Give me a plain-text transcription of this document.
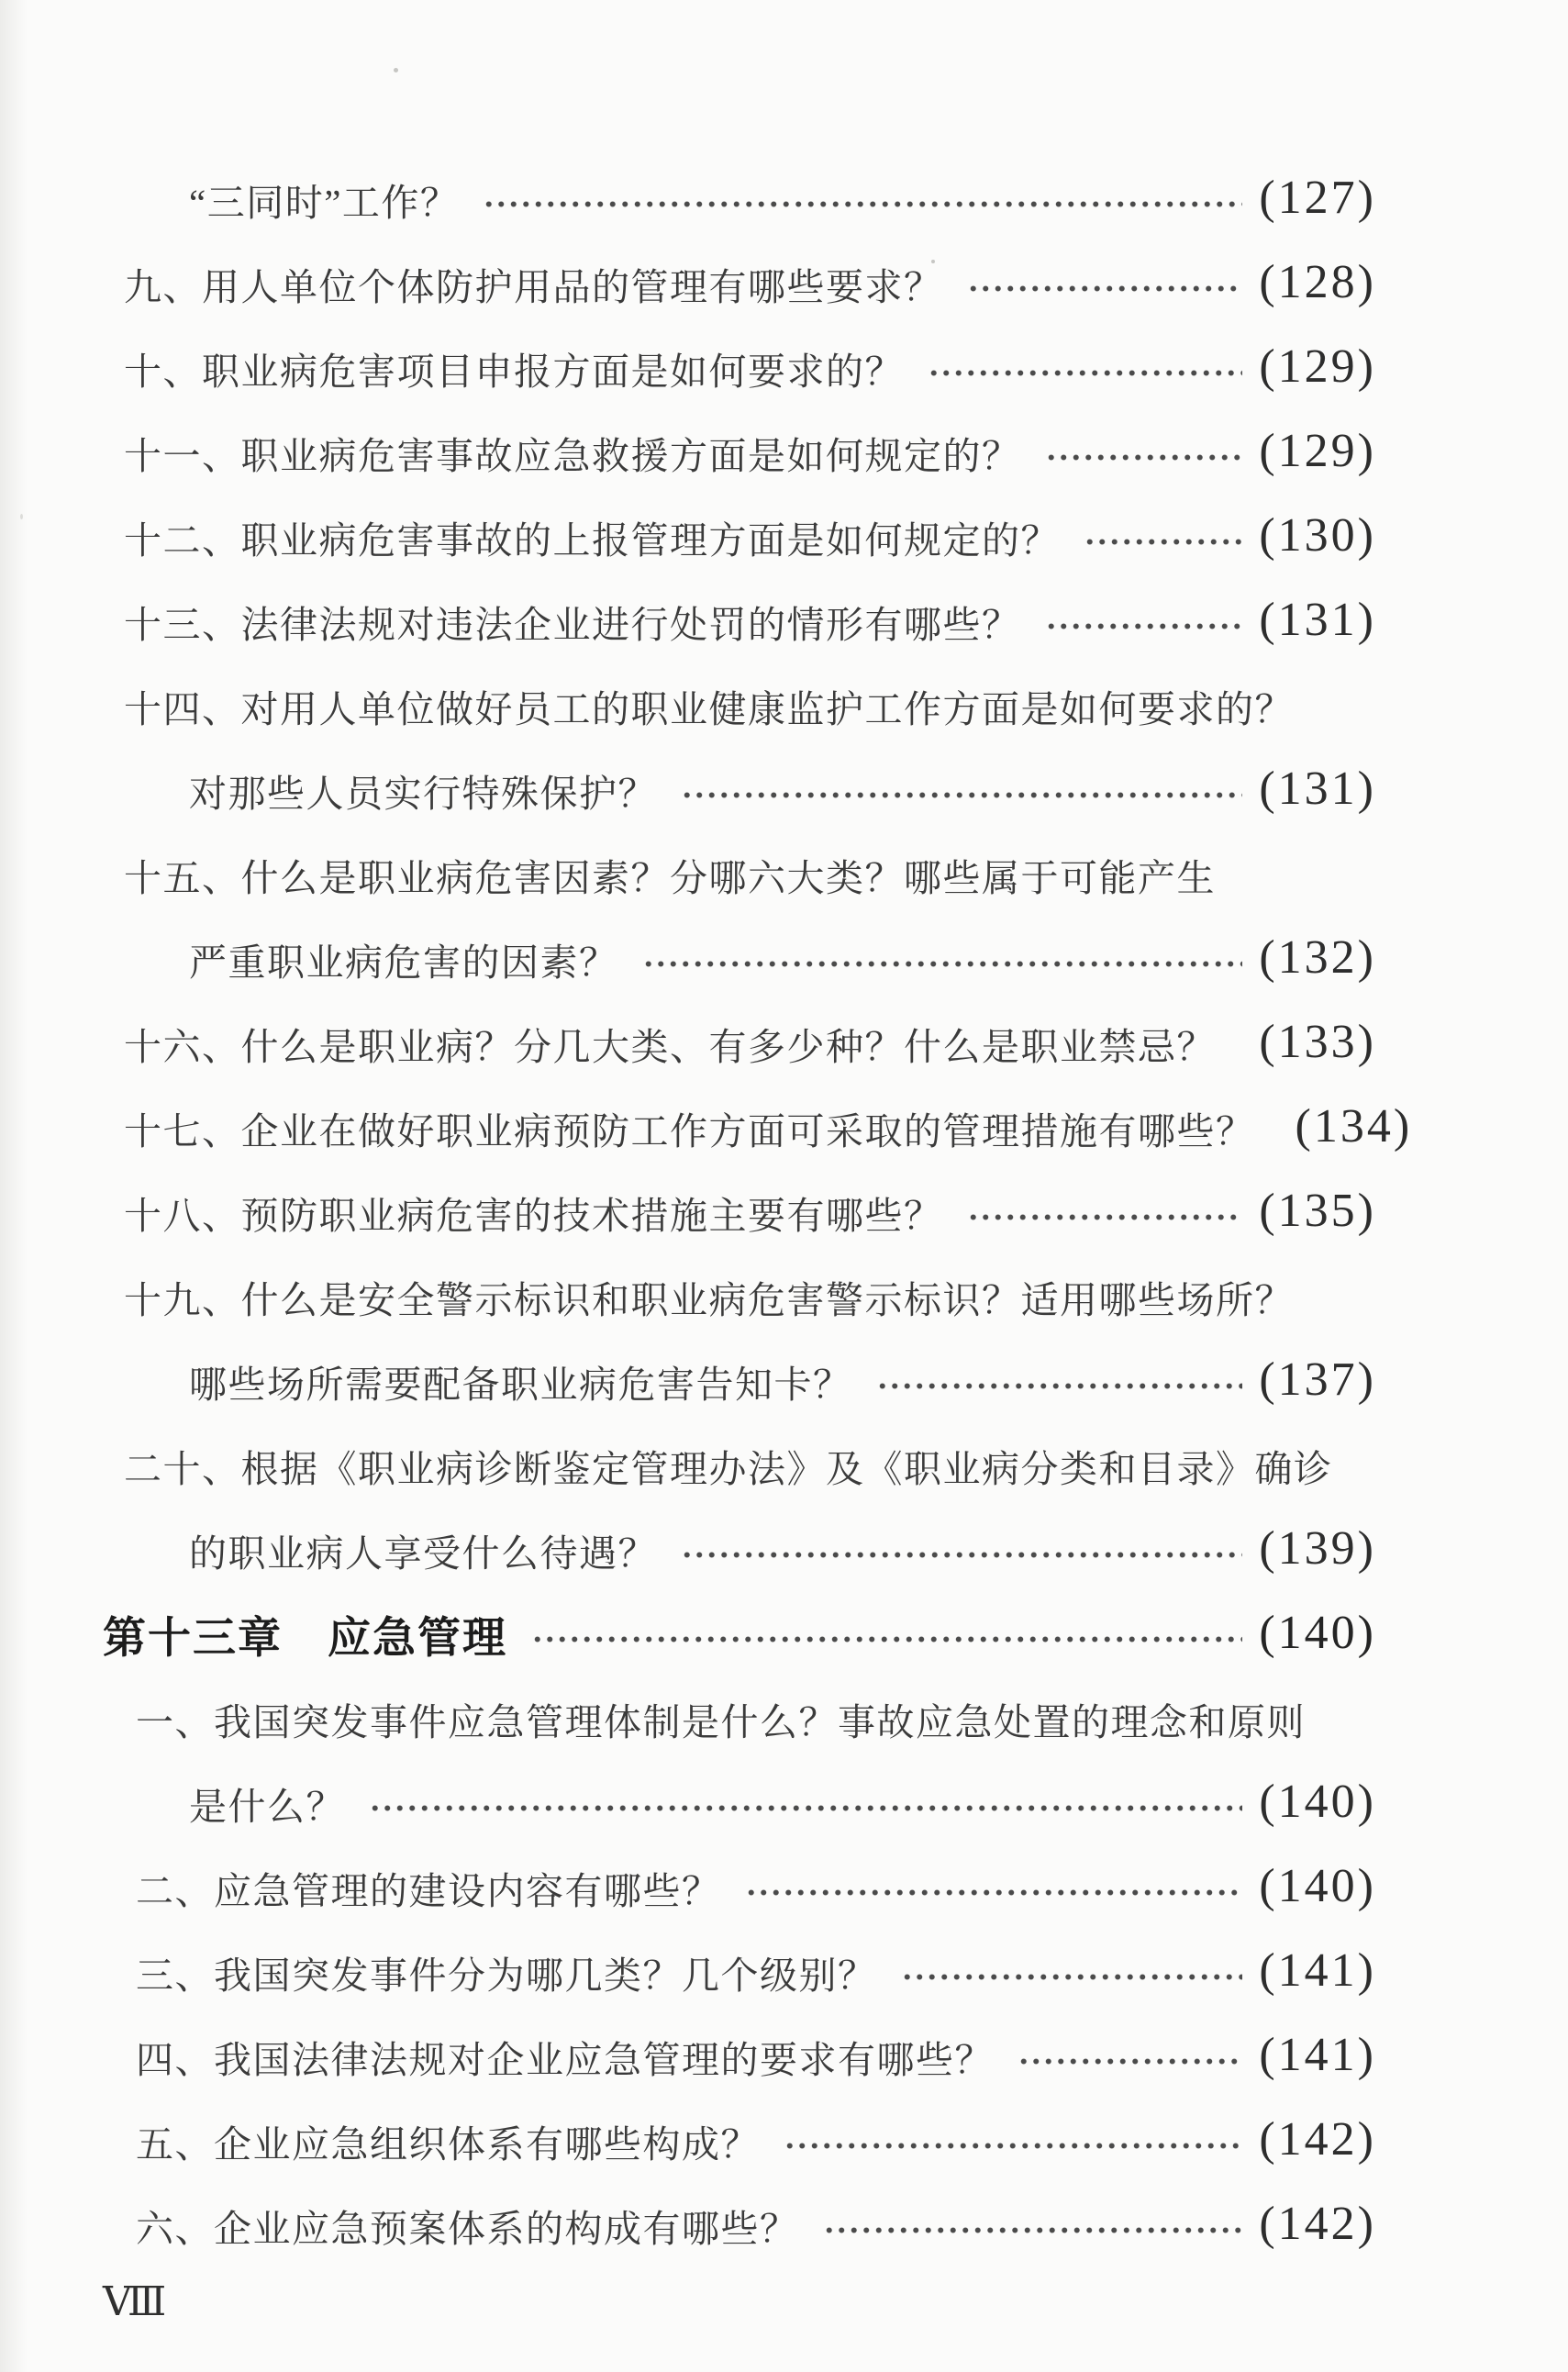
“三同时”工作？	(127)
九、用人单位个体防护用品的管理有哪些要求？	(128)
十、职业病危害项目申报方面是如何要求的？	(129)
十一、职业病危害事故应急救援方面是如何规定的？	(129)
十二、职业病危害事故的上报管理方面是如何规定的？	(130)
十三、法律法规对违法企业进行处罚的情形有哪些？	(131)
十四、对用人单位做好员工的职业健康监护工作方面是如何要求的？
对那些人员实行特殊保护？	(131)
十五、什么是职业病危害因素？分哪六大类？哪些属于可能产生
严重职业病危害的因素？	(132)
十六、什么是职业病？分几大类、有多少种？什么是职业禁忌？ (133)
十七、企业在做好职业病预防工作方面可采取的管理措施有哪些？ (134)
十八、预防职业病危害的技术措施主要有哪些？	(135)
十九、什么是安全警示标识和职业病危害警示标识？适用哪些场所？
哪些场所需要配备职业病危害告知卡？	(137)
二十、根据《职业病诊断鉴定管理办法》及《职业病分类和目录》确诊
的职业病人享受什么待遇？	(139)
第十三章　应急管理	(140)
一、我国突发事件应急管理体制是什么？事故应急处置的理念和原则
是什么？	(140)
二、应急管理的建设内容有哪些？	(140)
三、我国突发事件分为哪几类？几个级别？	(141)
四、我国法律法规对企业应急管理的要求有哪些？	(141)
五、企业应急组织体系有哪些构成？	(142)
六、企业应急预案体系的构成有哪些？	(142)
Ⅷ
